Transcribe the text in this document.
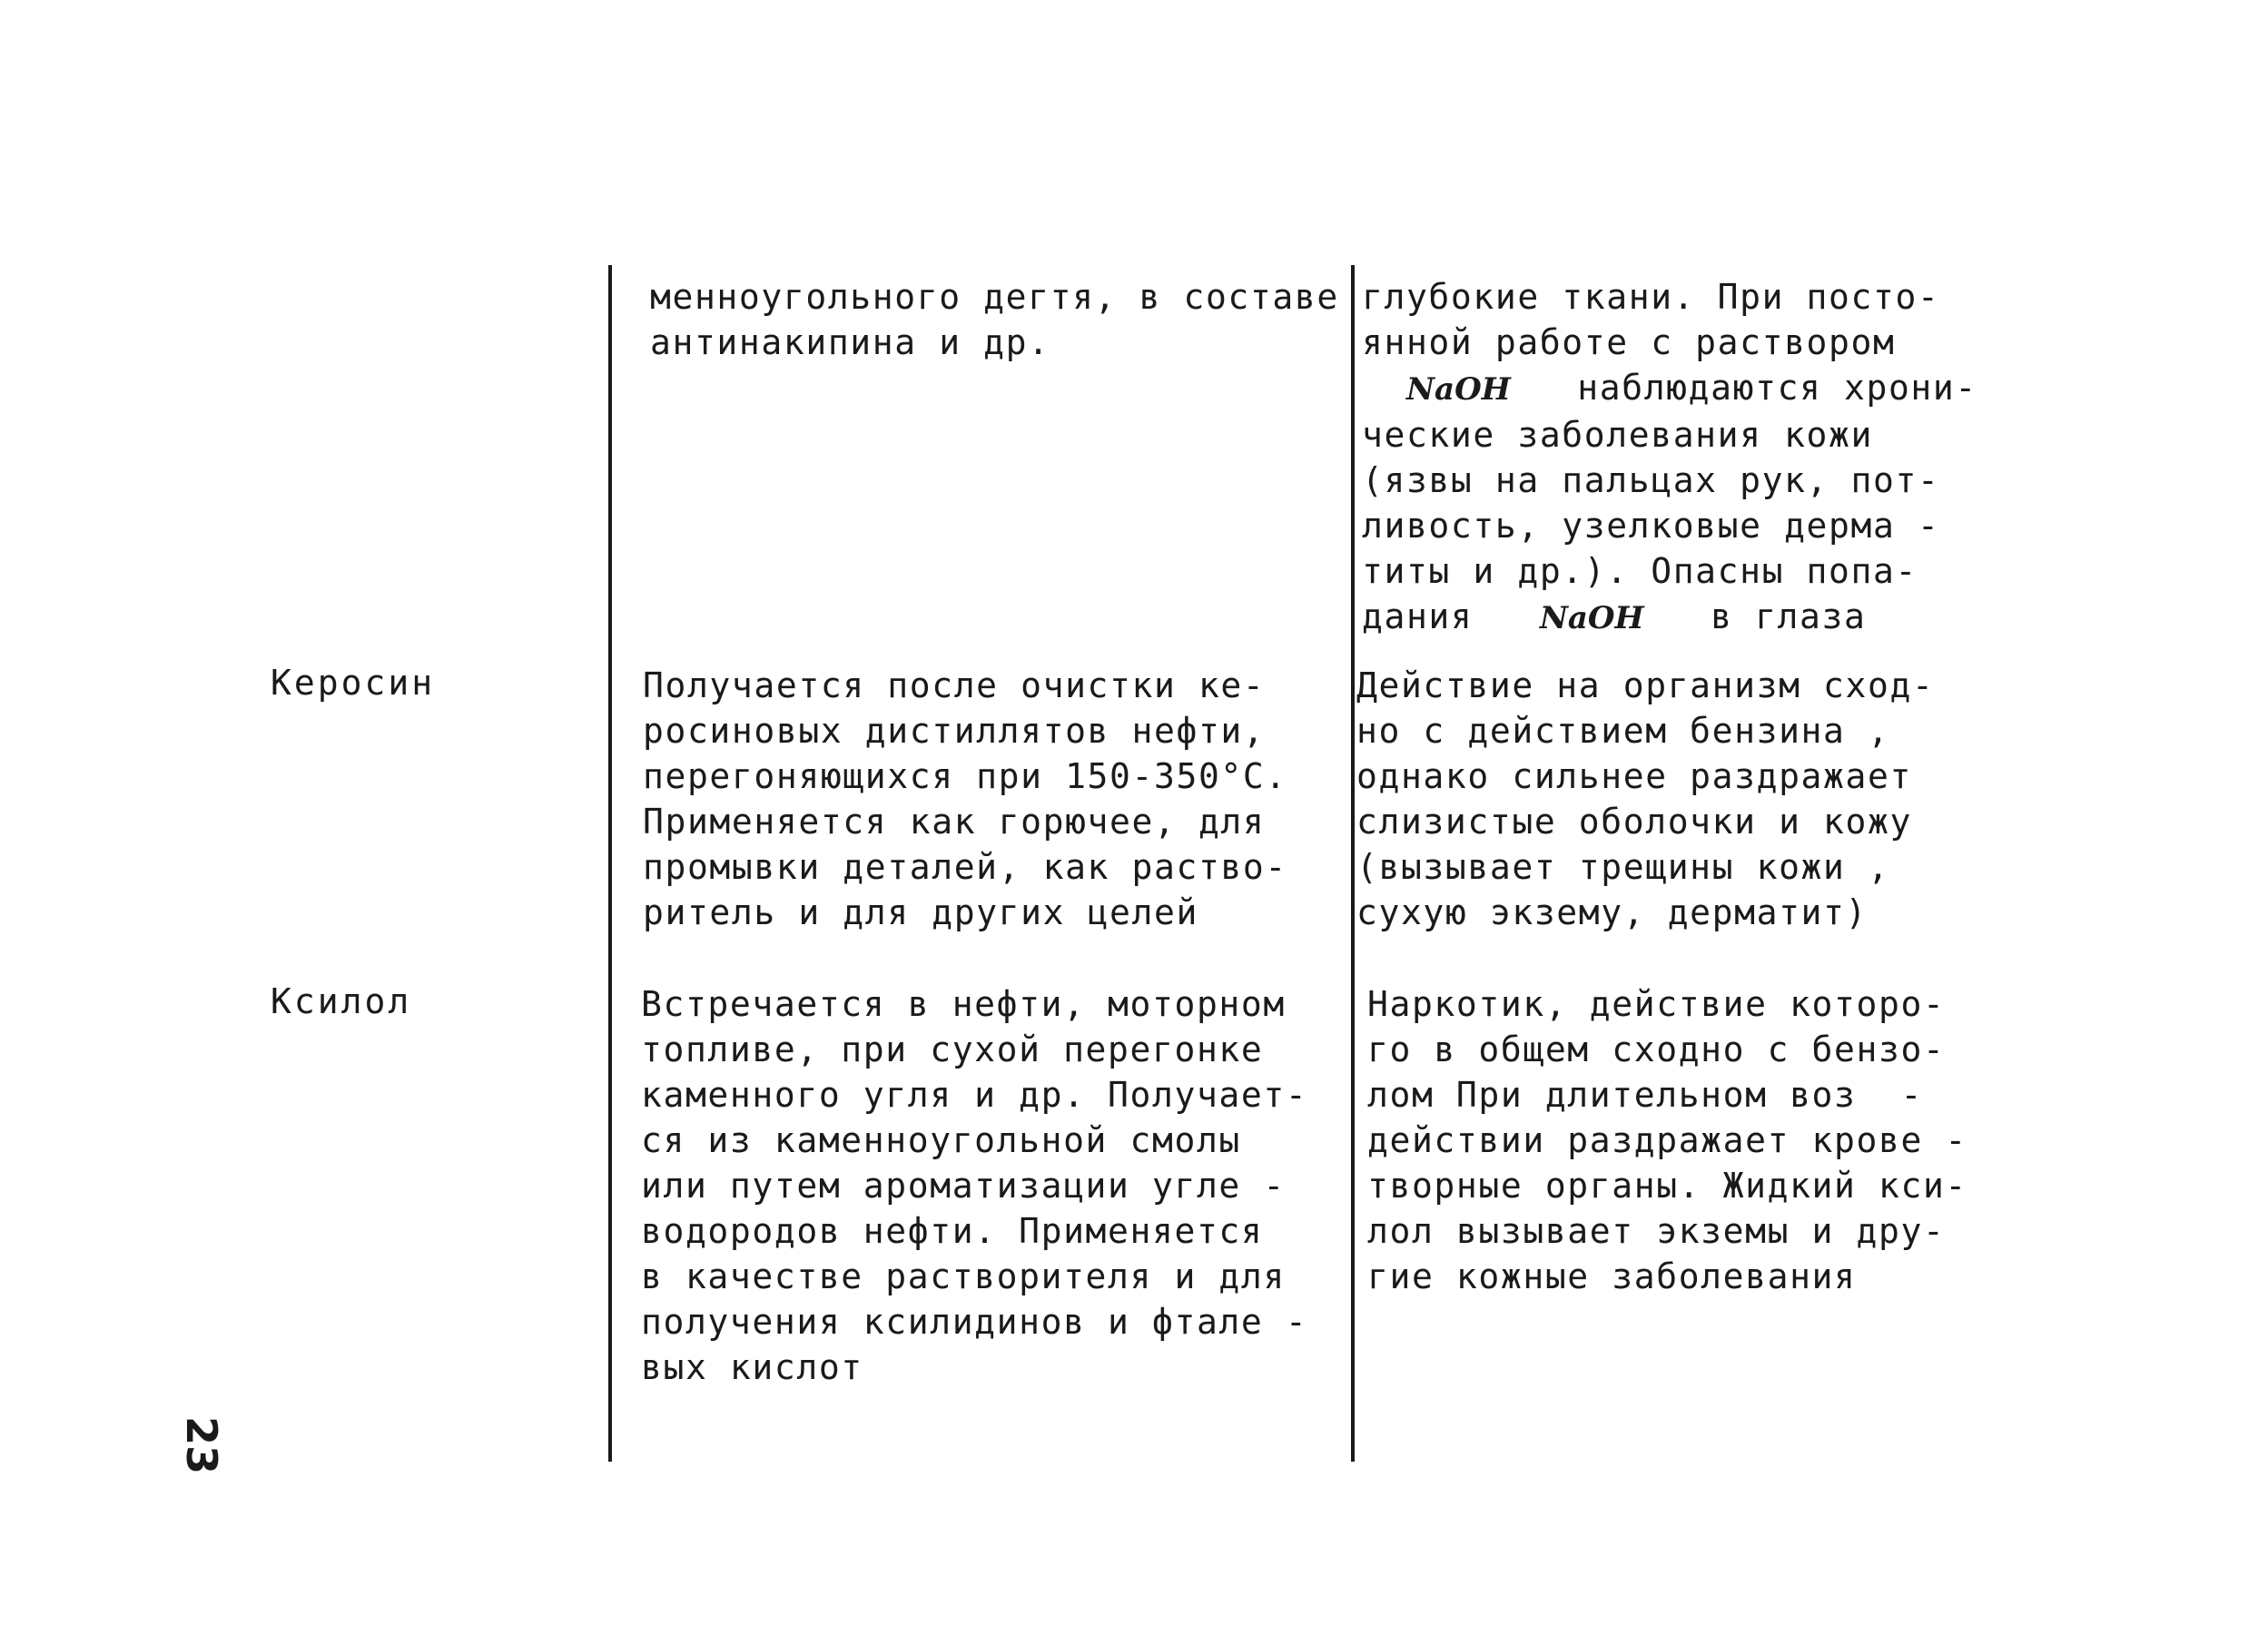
менноугольного дегтя, в составе
антинакипина и др.
глубокие ткани. При посто-
янной работе с раствором
NaOH наблюдаются хрони-
ческие заболевания кожи
(язвы на пальцах рук, пот-
ливость, узелковые дерма -
титы и др.). Опасны попа-
дания NaOH в глаза
Керосин	Получается после очистки ке-
росиновых дистиллятов нефти,
перегоняющихся при 150-350°С.
Применяется как горючее, для
промывки деталей, как раство-
ритель и для других целей
Действие на организм сход-
но с действием бензина ,
однако сильнее раздражает
слизистые оболочки и кожу
(вызывает трещины кожи ,
сухую экзему, дерматит)
Ксилол	Встречается в нефти, моторном
топливе, при сухой перегонке
каменного угля и др. Получает-
ся из каменноугольной смолы
или путем ароматизации угле -
водородов нефти. Применяется
в качестве растворителя и для
получения ксилидинов и фтале -
вых кислот
Наркотик, действие которо-
го в общем сходно с бензо-
лом При длительном воз  -
действии раздражает крове -
творные органы. Жидкий кси-
лол вызывает экземы и дру-
гие кожные заболевания
23
